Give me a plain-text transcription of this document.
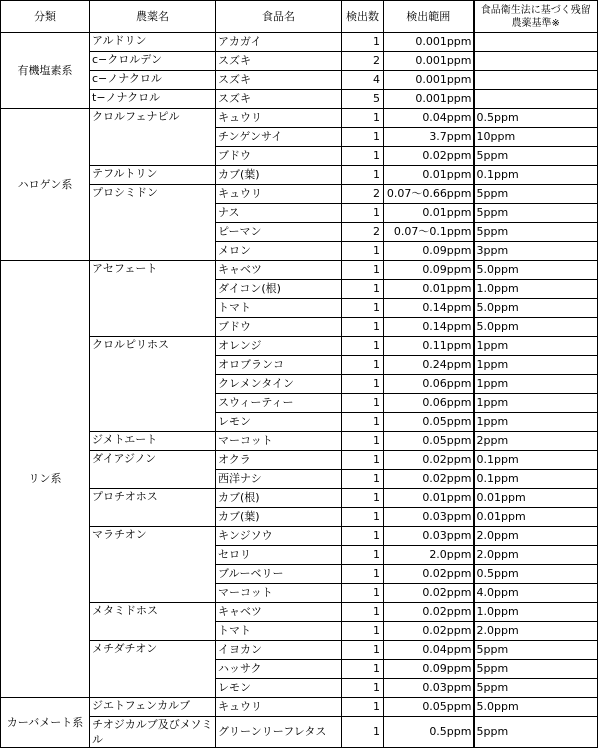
分類	農薬名	食品名	検出数	検出範囲	食品衛生法に基づく残留農薬基準※
有機塩素系	アルドリン	アカガイ	1	0.001ppm	
	c−クロルデン	スズキ	2	0.001ppm	
	c−ノナクロル	スズキ	4	0.001ppm	
	t−ノナクロル	スズキ	5	0.001ppm	
ハロゲン系	クロルフェナピル	キュウリ	1	0.04ppm	0.5ppm
		チンゲンサイ	1	3.7ppm	10ppm
		ブドウ	1	0.02ppm	5ppm
	テフルトリン	カブ(葉)	1	0.01ppm	0.1ppm
	プロシミドン	キュウリ	2	0.07〜0.66ppm	5ppm
		ナス	1	0.01ppm	5ppm
		ピーマン	2	0.07〜0.1ppm	5ppm
		メロン	1	0.09ppm	3ppm
リン系	アセフェート	キャベツ	1	0.09ppm	5.0ppm
		ダイコン(根)	1	0.01ppm	1.0ppm
		トマト	1	0.14ppm	5.0ppm
		ブドウ	1	0.14ppm	5.0ppm
	クロルピリホス	オレンジ	1	0.11ppm	1ppm
		オロブランコ	1	0.24ppm	1ppm
		クレメンタイン	1	0.06ppm	1ppm
		スウィーティー	1	0.06ppm	1ppm
		レモン	1	0.05ppm	1ppm
	ジメトエート	マーコット	1	0.05ppm	2ppm
	ダイアジノン	オクラ	1	0.02ppm	0.1ppm
		西洋ナシ	1	0.02ppm	0.1ppm
	プロチオホス	カブ(根)	1	0.01ppm	0.01ppm
		カブ(葉)	1	0.03ppm	0.01ppm
	マラチオン	キンジソウ	1	0.03ppm	2.0ppm
		セロリ	1	2.0ppm	2.0ppm
		ブルーベリー	1	0.02ppm	0.5ppm
		マーコット	1	0.02ppm	4.0ppm
	メタミドホス	キャベツ	1	0.02ppm	1.0ppm
		トマト	1	0.02ppm	2.0ppm
	メチダチオン	イヨカン	1	0.04ppm	5ppm
		ハッサク	1	0.09ppm	5ppm
		レモン	1	0.03ppm	5ppm
カーバメート系	ジエトフェンカルブ	キュウリ	1	0.05ppm	5.0ppm
	チオジカルブ及びメソミル	グリーンリーフレタス	1	0.5ppm	5ppm
